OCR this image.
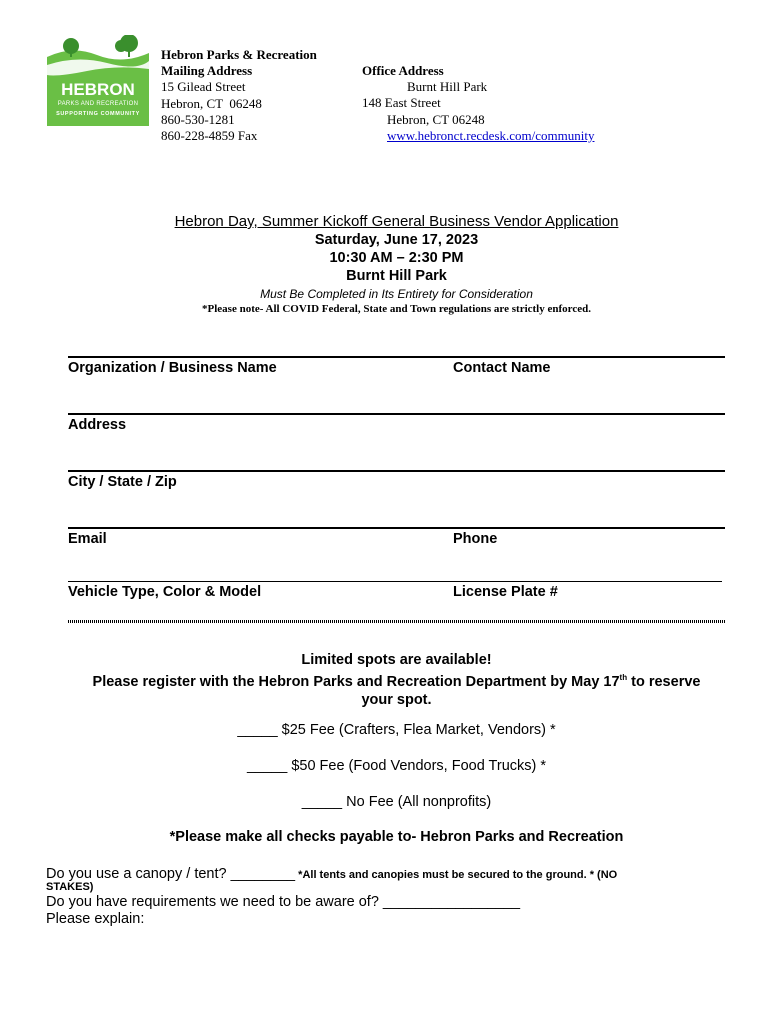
HEBRON
PARKS AND RECREATION
SUPPORTING COMMUNITY
Hebron Parks & Recreation
Mailing Address
15 Gilead Street
Hebron, CT  06248
860-530-1281
860-228-4859 Fax
Office Address
Burnt Hill Park
148 East Street
Hebron, CT 06248
www.hebronct.recdesk.com/community
Hebron Day, Summer Kickoff General Business Vendor Application
Saturday, June 17, 2023
10:30 AM – 2:30 PM
Burnt Hill Park
Must Be Completed in Its Entirety for Consideration
*Please note- All COVID Federal, State and Town regulations are strictly enforced.
Organization / Business Name	Contact Name
Address
City / State / Zip
Email	Phone
Vehicle Type, Color & Model	License Plate #
Limited spots are available!
Please register with the Hebron Parks and Recreation Department by May 17th to reserve
your spot.
_____ $25 Fee (Crafters, Flea Market, Vendors) *
_____ $50 Fee (Food Vendors, Food Trucks) *
_____ No Fee (All nonprofits)
*Please make all checks payable to- Hebron Parks and Recreation
Do you use a canopy / tent? ________ *All tents and canopies must be secured to the ground. * (NO
STAKES)
Do you have requirements we need to be aware of? _________________
Please explain:
